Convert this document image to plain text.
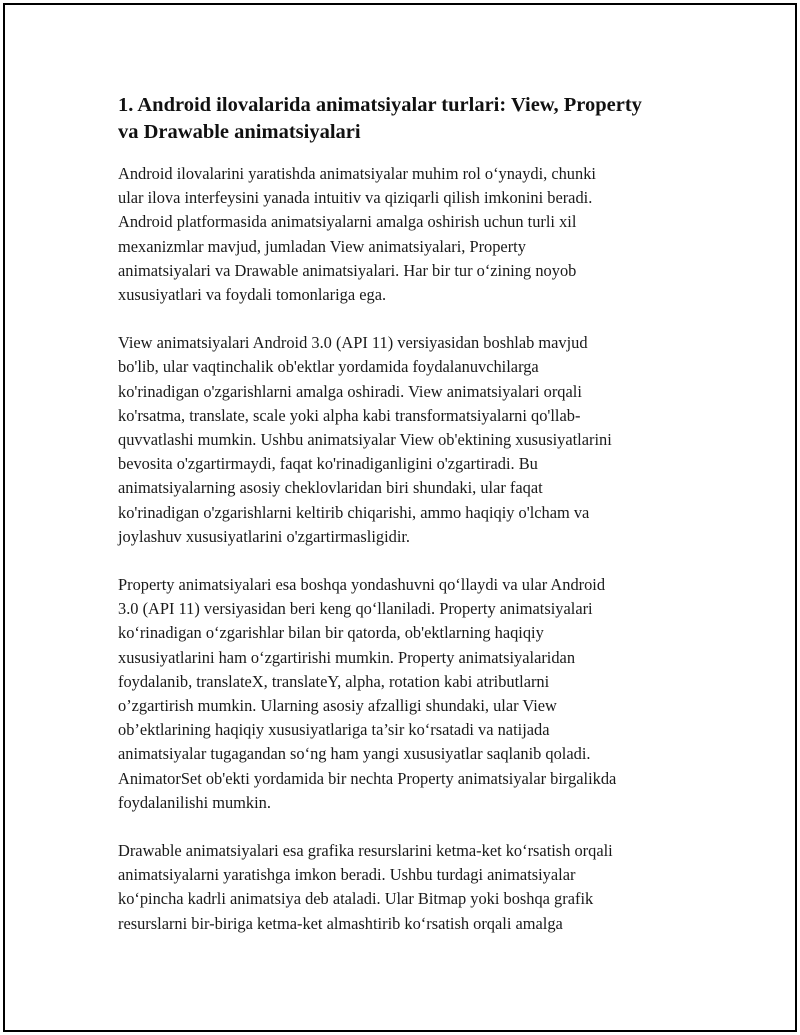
1. Android ilovalarida animatsiyalar turlari: View, Property
va Drawable animatsiyalari

Android ilovalarini yaratishda animatsiyalar muhim rol o‘ynaydi, chunki
ular ilova interfeysini yanada intuitiv va qiziqarli qilish imkonini beradi.
Android platformasida animatsiyalarni amalga oshirish uchun turli xil
mexanizmlar mavjud, jumladan View animatsiyalari, Property
animatsiyalari va Drawable animatsiyalari. Har bir tur o‘zining noyob
xususiyatlari va foydali tomonlariga ega.

View animatsiyalari Android 3.0 (API 11) versiyasidan boshlab mavjud
bo'lib, ular vaqtinchalik ob'ektlar yordamida foydalanuvchilarga
ko'rinadigan o'zgarishlarni amalga oshiradi. View animatsiyalari orqali
ko'rsatma, translate, scale yoki alpha kabi transformatsiyalarni qo'llab-
quvvatlashi mumkin. Ushbu animatsiyalar View ob'ektining xususiyatlarini
bevosita o'zgartirmaydi, faqat ko'rinadiganligini o'zgartiradi. Bu
animatsiyalarning asosiy cheklovlaridan biri shundaki, ular faqat
ko'rinadigan o'zgarishlarni keltirib chiqarishi, ammo haqiqiy o'lcham va
joylashuv xususiyatlarini o'zgartirmasligidir.

Property animatsiyalari esa boshqa yondashuvni qo‘llaydi va ular Android
3.0 (API 11) versiyasidan beri keng qo‘llaniladi. Property animatsiyalari
ko‘rinadigan o‘zgarishlar bilan bir qatorda, ob'ektlarning haqiqiy
xususiyatlarini ham o‘zgartirishi mumkin. Property animatsiyalaridan
foydalanib, translateX, translateY, alpha, rotation kabi atributlarni
o’zgartirish mumkin. Ularning asosiy afzalligi shundaki, ular View
ob’ektlarining haqiqiy xususiyatlariga ta’sir ko‘rsatadi va natijada
animatsiyalar tugagandan so‘ng ham yangi xususiyatlar saqlanib qoladi.
AnimatorSet ob'ekti yordamida bir nechta Property animatsiyalar birgalikda
foydalanilishi mumkin.

Drawable animatsiyalari esa grafika resurslarini ketma-ket ko‘rsatish orqali
animatsiyalarni yaratishga imkon beradi. Ushbu turdagi animatsiyalar
ko‘pincha kadrli animatsiya deb ataladi. Ular Bitmap yoki boshqa grafik
resurslarni bir-biriga ketma-ket almashtirib ko‘rsatish orqali amalga
